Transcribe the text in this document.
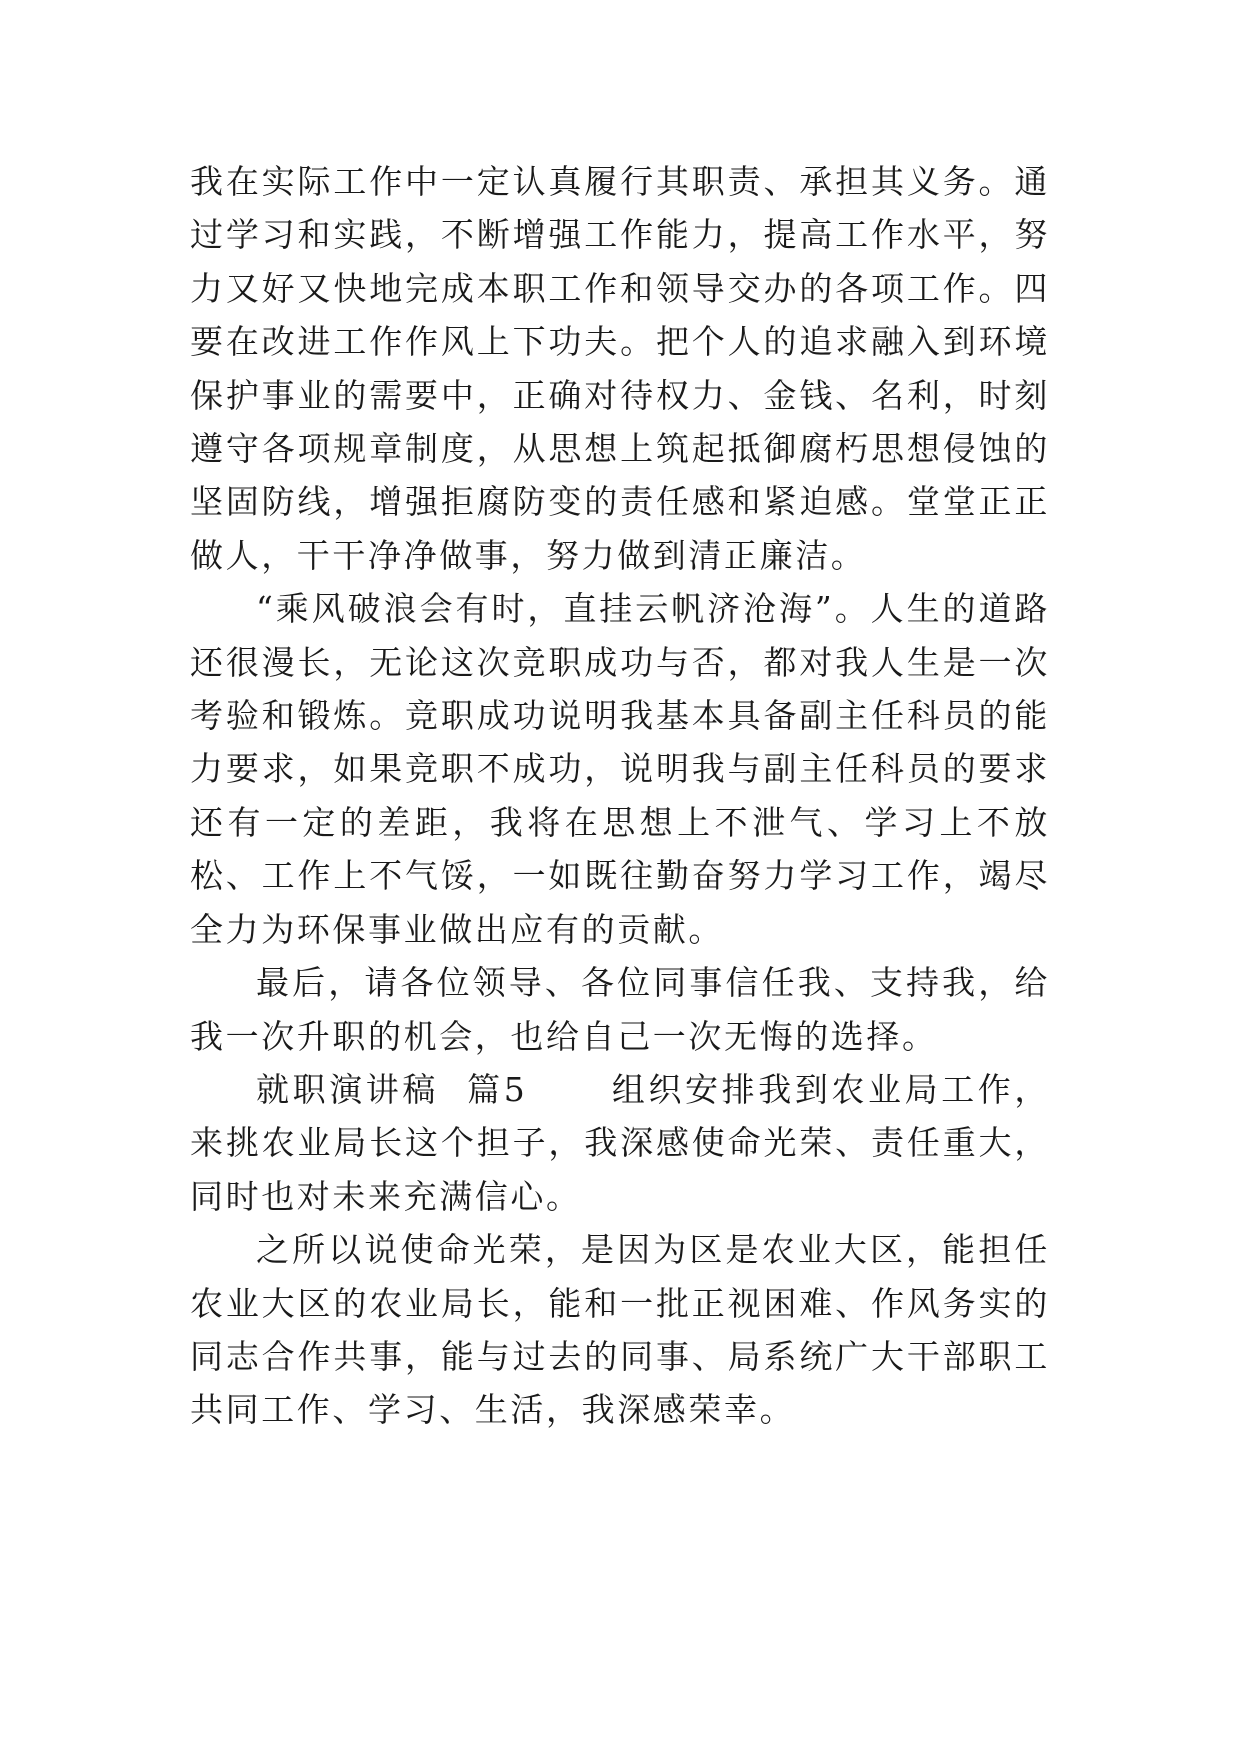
我在实际工作中一定认真履行其职责、承担其义务。通过学习和实践，不断增强工作能力，提高工作水平，努力又好又快地完成本职工作和领导交办的各项工作。四要在改进工作作风上下功夫。把个人的追求融入到环境保护事业的需要中，正确对待权力、金钱、名利，时刻遵守各项规章制度，从思想上筑起抵御腐朽思想侵蚀的坚固防线，增强拒腐防变的责任感和紧迫感。堂堂正正做人，干干净净做事，努力做到清正廉洁。

“乘风破浪会有时，直挂云帆济沧海”。人生的道路还很漫长，无论这次竞职成功与否，都对我人生是一次考验和锻炼。竞职成功说明我基本具备副主任科员的能力要求，如果竞职不成功，说明我与副主任科员的要求还有一定的差距，我将在思想上不泄气、学习上不放松、工作上不气馁，一如既往勤奋努力学习工作，竭尽全力为环保事业做出应有的贡献。

最后，请各位领导、各位同事信任我、支持我，给我一次升职的机会，也给自己一次无悔的选择。

就职演讲稿  篇5      组织安排我到农业局工作，来挑农业局长这个担子，我深感使命光荣、责任重大，同时也对未来充满信心。

之所以说使命光荣，是因为区是农业大区，能担任农业大区的农业局长，能和一批正视困难、作风务实的同志合作共事，能与过去的同事、局系统广大干部职工共同工作、学习、生活，我深感荣幸。
